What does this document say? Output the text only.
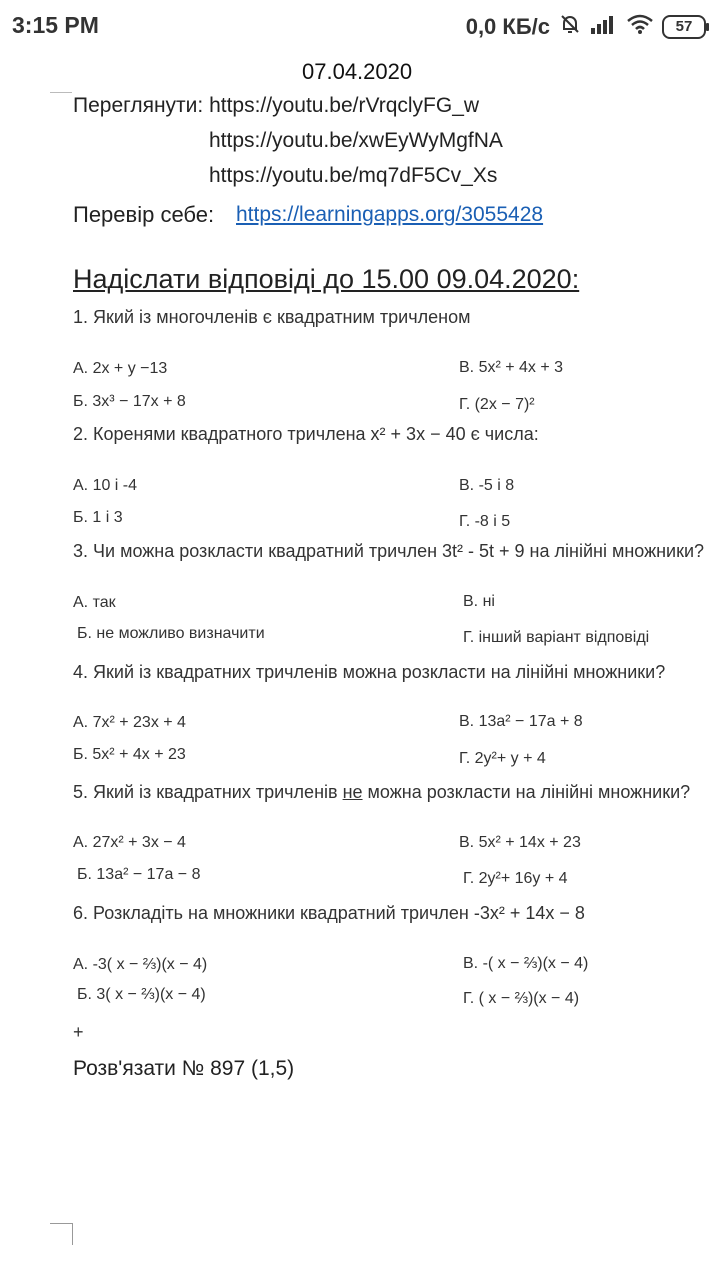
3:15 PM	0,0 КБ/с	57
07.04.2020
Переглянути: https://youtu.be/rVrqclyFG_w
https://youtu.be/xwEyWyMgfNA
https://youtu.be/mq7dF5Cv_Xs
Перевір себе: https://learningapps.org/3055428
Надіслати відповіді до 15.00 09.04.2020:
1. Який із многочленів є квадратним тричленом
А. 2x + y −13	В. 5x² + 4x + 3
Б. 3x³ − 17x + 8	Г. (2x − 7)²
2. Коренями квадратного тричлена x² + 3x − 40 є числа:
А. 10 і -4	В. -5 і 8
Б. 1 і 3	Г. -8 і 5
3. Чи можна розкласти квадратний тричлен 3t² - 5t + 9 на лінійні множники?
А. так	В. ні
Б. не можливо визначити	Г. інший варіант відповіді
4. Який із квадратних тричленів можна розкласти на лінійні множники?
А. 7x² + 23x + 4	В. 13a² − 17a + 8
Б. 5x² + 4x + 23	Г. 2y²+ y + 4
5. Який із квадратних тричленів не можна розкласти на лінійні множники?
А. 27x² + 3x − 4	В. 5x² + 14x + 23
Б. 13a² − 17a − 8	Г. 2y²+ 16y + 4
6. Розкладіть на множники квадратний тричлен -3x² + 14x − 8
А. -3( x − ⅔)(x − 4)	В. -( x − ⅔)(x − 4)
Б. 3( x − ⅔)(x − 4)	Г. ( x − ⅔)(x − 4)
+
Розв'язати № 897 (1,5)
